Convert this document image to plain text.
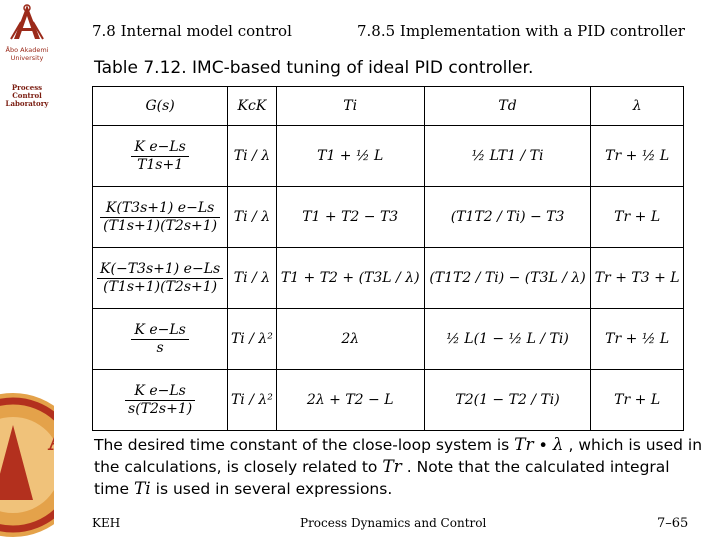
Åbo Akademi
University
Process
Control
Laboratory
A
O
7.8 Internal model control	7.8.5 Implementation with a PID controller
Table 7.12. IMC-based tuning of ideal PID controller.
G(s)	KcK	Ti	Td	λ

$\frac{\text{K e−Ls}}{T1s+1}$	Ti / λ	T1 + ½ L	½ LT1 / Ti	Tr + ½ L

$\frac{K(T3s+1) e-Ls}{(T1s+1)(T2s+1)}$	Ti / λ	T1 + T2 − T3	(T1T2 / Ti) − T3	Tr + L

$\frac{K(-T3s+1) e-Ls}{(T1s+1)(T2s+1)}$	Ti / λ	T1 + T2 + (T3L / λ)	(T1T2 / Ti) − (T3L / λ)	Tr + T3 + L

$\frac{\text{K e−Ls}}{s}$	Ti / λ²	2λ	½ L(1 − ½ L / Ti)	Tr + ½ L

$\frac{\text{K e−Ls}}{s(T2s+1)}$	Ti / λ²	2λ + T2 − L	T2(1 − T2 / Ti)	Tr + L
The desired time constant of the close-loop system is Tr ∙ λ , which is used in the calculations, is closely related to Tr . Note that the calculated integral time Ti is used in several expressions.
KEH	Process Dynamics and Control	7–65
